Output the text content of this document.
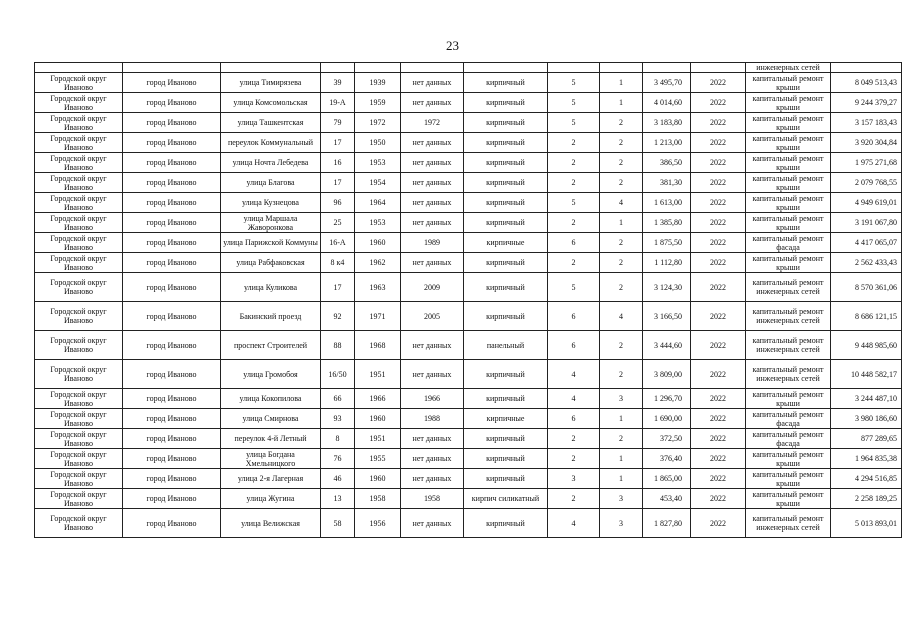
23
											инженерных сетей	
Городской округ Иваново	город Иваново	улица Тимирязева	39	1939	нет данных	кирпичный	5	1	3 495,70	2022	капитальный ремонт крыши	8 049 513,43
Городской округ Иваново	город Иваново	улица Комсомольская	19-А	1959	нет данных	кирпичный	5	1	4 014,60	2022	капитальный ремонт крыши	9 244 379,27
Городской округ Иваново	город Иваново	улица Ташкентская	79	1972	1972	кирпичный	5	2	3 183,80	2022	капитальный ремонт крыши	3 157 183,43
Городской округ Иваново	город Иваново	переулок Коммунальный	17	1950	нет данных	кирпичный	2	2	1 213,00	2022	капитальный ремонт крыши	3 920 304,84
Городской округ Иваново	город Иваново	улица Ночта Лебедева	16	1953	нет данных	кирпичный	2	2	386,50	2022	капитальный ремонт крыши	1 975 271,68
Городской округ Иваново	город Иваново	улица Благова	17	1954	нет данных	кирпичный	2	2	381,30	2022	капитальный ремонт крыши	2 079 768,55
Городской округ Иваново	город Иваново	улица Кузнецова	96	1964	нет данных	кирпичный	5	4	1 613,00	2022	капитальный ремонт крыши	4 949 619,01
Городской округ Иваново	город Иваново	улица Маршала Жаворонкова	25	1953	нет данных	кирпичный	2	1	1 385,80	2022	капитальный ремонт крыши	3 191 067,80
Городской округ Иваново	город Иваново	улица Парижской Коммуны	16-А	1960	1989	кирпичные	6	2	1 875,50	2022	капитальный ремонт фасада	4 417 065,07
Городской округ Иваново	город Иваново	улица Рабфаковская	8 к4	1962	нет данных	кирпичный	2	2	1 112,80	2022	капитальный ремонт крыши	2 562 433,43
Городской округ Иваново	город Иваново	улица Куликова	17	1963	2009	кирпичный	5	2	3 124,30	2022	капитальный ремонт инженерных сетей	8 570 361,06
Городской округ Иваново	город Иваново	Бакинский проезд	92	1971	2005	кирпичный	6	4	3 166,50	2022	капитальный ремонт инженерных сетей	8 686 121,15
Городской округ Иваново	город Иваново	проспект Строителей	88	1968	нет данных	панельный	6	2	3 444,60	2022	капитальный ремонт инженерных сетей	9 448 985,60
Городской округ Иваново	город Иваново	улица Громобоя	16/50	1951	нет данных	кирпичный	4	2	3 809,00	2022	капитальный ремонт инженерных сетей	10 448 582,17
Городской округ Иваново	город Иваново	улица Кокопилова	66	1966	1966	кирпичный	4	3	1 296,70	2022	капитальный ремонт крыши	3 244 487,10
Городской округ Иваново	город Иваново	улица Смирнова	93	1960	1988	кирпичные	6	1	1 690,00	2022	капитальный ремонт фасада	3 980 186,60
Городской округ Иваново	город Иваново	переулок 4-й Летный	8	1951	нет данных	кирпичный	2	2	372,50	2022	капитальный ремонт фасада	877 289,65
Городской округ Иваново	город Иваново	улица Богдана Хмельницкого	76	1955	нет данных	кирпичный	2	1	376,40	2022	капитальный ремонт крыши	1 964 835,38
Городской округ Иваново	город Иваново	улица 2-я Лагерная	46	1960	нет данных	кирпичный	3	1	1 865,00	2022	капитальный ремонт крыши	4 294 516,85
Городской округ Иваново	город Иваново	улица Жугина	13	1958	1958	кирпич силикатный	2	3	453,40	2022	капитальный ремонт крыши	2 258 189,25
Городской округ Иваново	город Иваново	улица Велижская	58	1956	нет данных	кирпичный	4	3	1 827,80	2022	капитальный ремонт инженерных сетей	5 013 893,01
